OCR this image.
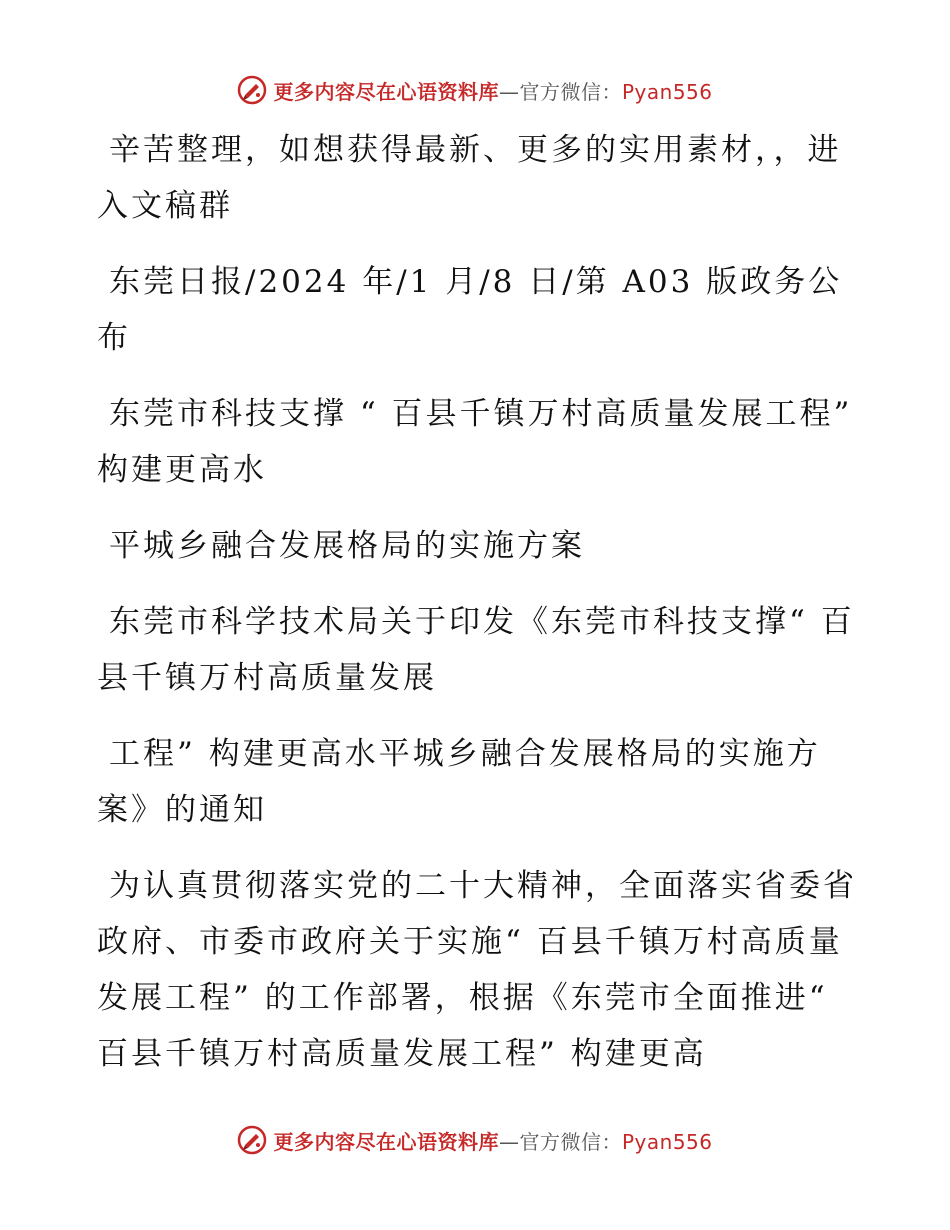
更多内容尽在心语资料库—官方微信：Pyan556

辛苦整理，如想获得最新、更多的实用素材，，进入文稿群

东莞日报/2024 年/1 月/8 日/第 A03 版政务公布

东莞市科技支撑 “ 百县千镇万村高质量发展工程” 构建更高水

平城乡融合发展格局的实施方案

东莞市科学技术局关于印发《东莞市科技支撑“ 百县千镇万村高质量发展

工程” 构建更高水平城乡融合发展格局的实施方案》的通知

为认真贯彻落实党的二十大精神，全面落实省委省政府、市委市政府关于实施“ 百县千镇万村高质量发展工程” 的工作部署，根据《东莞市全面推进“ 百县千镇万村高质量发展工程” 构建更高

更多内容尽在心语资料库—官方微信：Pyan556
